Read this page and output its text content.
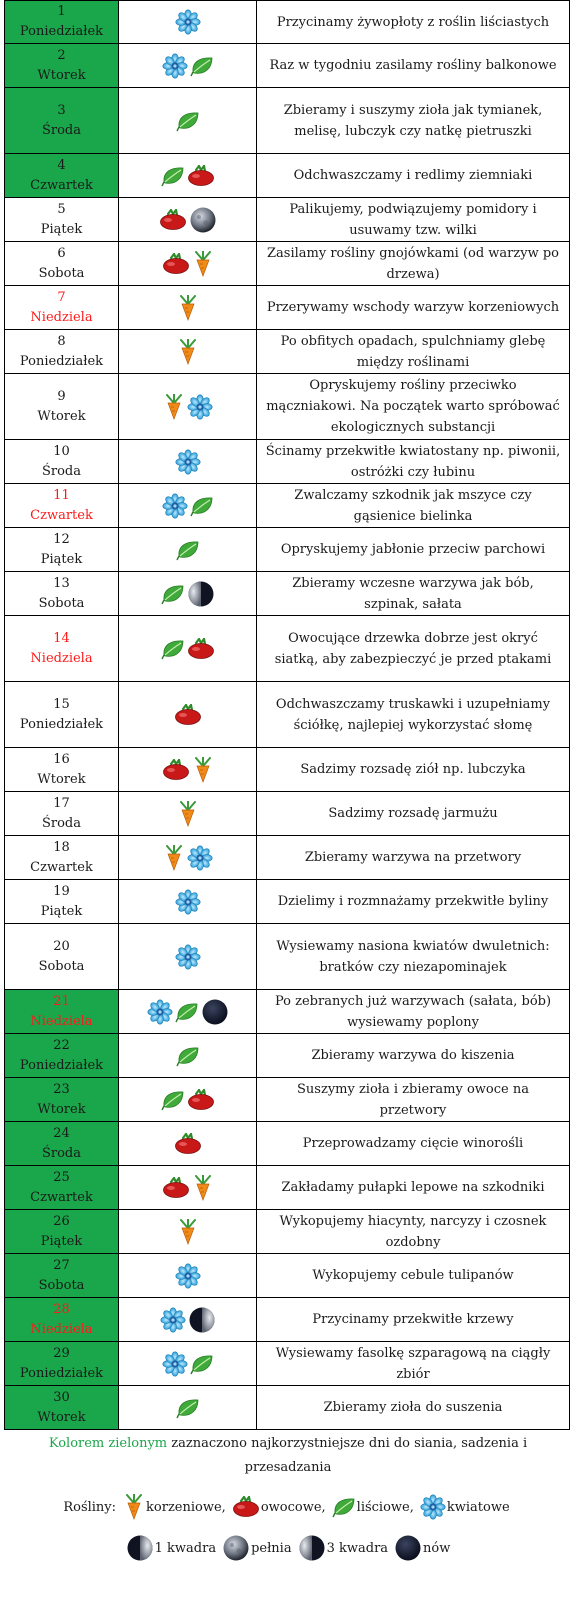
1
Poniedziałek		Przycinamy żywopłoty z roślin liściastych

2
Wtorek		Raz w tygodniu zasilamy rośliny balkonowe

3
Środa		Zbieramy i suszymy zioła jak tymianek, melisę, lubczyk czy natkę pietruszki

4
Czwartek		Odchwaszczamy i redlimy ziemniaki

5
Piątek		Palikujemy, podwiązujemy pomidory i usuwamy tzw. wilki

6
Sobota		Zasilamy rośliny gnojówkami (od warzyw po drzewa)

7
Niedziela		Przerywamy wschody warzyw korzeniowych

8
Poniedziałek		Po obfitych opadach, spulchniamy glebę między roślinami

9
Wtorek		Opryskujemy rośliny przeciwko mączniakowi. Na początek warto spróbować ekologicznych substancji

10
Środa		Ścinamy przekwitłe kwiatostany np. piwonii, ostróżki czy łubinu

11
Czwartek		Zwalczamy szkodnik jak mszyce czy gąsienice bielinka

12
Piątek		Opryskujemy jabłonie przeciw parchowi

13
Sobota		Zbieramy wczesne warzywa jak bób, szpinak, sałata

14
Niedziela		Owocujące drzewka dobrze jest okryć siatką, aby zabezpieczyć je przed ptakami

15
Poniedziałek		Odchwaszczamy truskawki i uzupełniamy ściółkę, najlepiej wykorzystać słomę

16
Wtorek		Sadzimy rozsadę ziół np. lubczyka

17
Środa		Sadzimy rozsadę jarmużu

18
Czwartek		Zbieramy warzywa na przetwory

19
Piątek		Dzielimy i rozmnażamy przekwitłe byliny

20
Sobota		Wysiewamy nasiona kwiatów dwuletnich: bratków czy niezapominajek

21
Niedziela		Po zebranych już warzywach (sałata, bób) wysiewamy poplony

22
Poniedziałek		Zbieramy warzywa do kiszenia

23
Wtorek		Suszymy zioła i zbieramy owoce na przetwory

24
Środa		Przeprowadzamy cięcie winorośli

25
Czwartek		Zakładamy pułapki lepowe na szkodniki

26
Piątek		Wykopujemy hiacynty, narcyzy i czosnek ozdobny

27
Sobota		Wykopujemy cebule tulipanów

28
Niedziela		Przycinamy przekwitłe krzewy

29
Poniedziałek		Wysiewamy fasolkę szparagową na ciągły zbiór

30
Wtorek		Zbieramy zioła do suszenia
Kolorem zielonym zaznaczono najkorzystniejsze dni do siania, sadzenia i przesadzania
Rośliny: korzeniowe,	owocowe, liściowe,	kwiatowe
1 kwadra	pełnia	3 kwadra	nów
